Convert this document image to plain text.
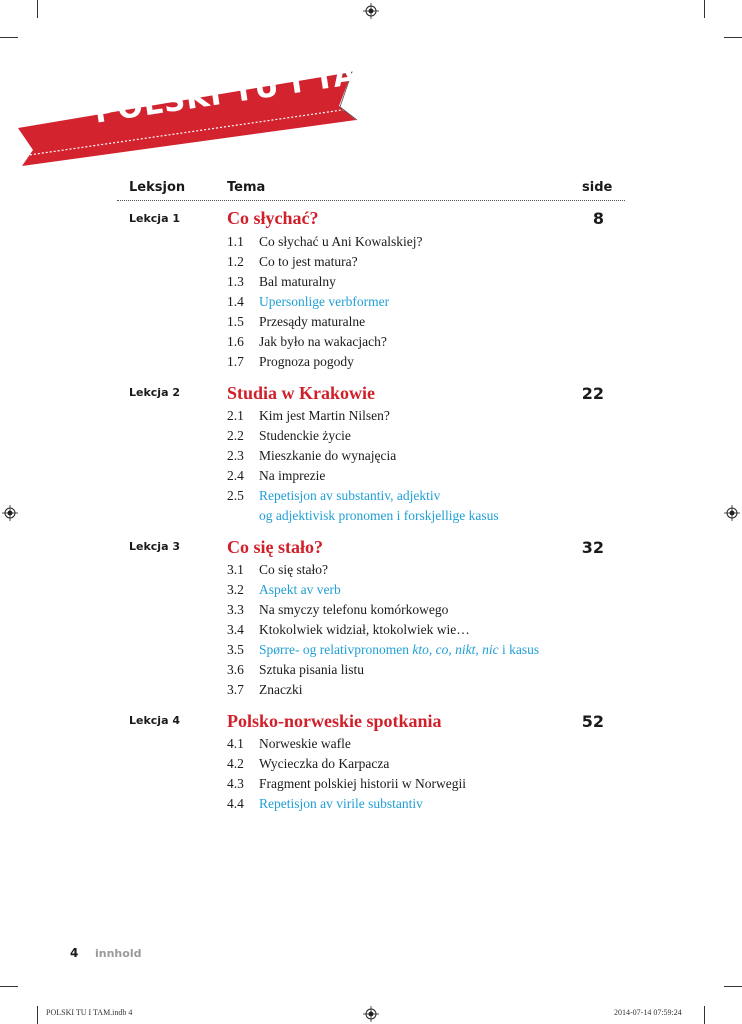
POLSKI TU I TAM
Leksjon	Tema	side
Lekcja 1	Co słychać?	8
1.1 Co słychać u Ani Kowalskiej?
1.2 Co to jest matura?
1.3 Bal maturalny
1.4 Upersonlige verbformer
1.5 Przesądy maturalne
1.6 Jak było na wakacjach?
1.7 Prognoza pogody
Lekcja 2	Studia w Krakowie	22
2.1 Kim jest Martin Nilsen?
2.2 Studenckie życie
2.3 Mieszkanie do wynajęcia
2.4 Na imprezie
2.5 Repetisjon av substantiv, adjektiv
og adjektivisk pronomen i forskjellige kasus
Lekcja 3	Co się stało?	32
3.1 Co się stało?
3.2 Aspekt av verb
3.3 Na smyczy telefonu komórkowego
3.4 Ktokolwiek widział, ktokolwiek wie…
3.5 Spørre- og relativpronomen kto, co, nikt, nic i kasus
3.6 Sztuka pisania listu
3.7 Znaczki
Lekcja 4	Polsko-norweskie spotkania	52
4.1 Norweskie wafle
4.2 Wycieczka do Karpacza
4.3 Fragment polskiej historii w Norwegii
4.4 Repetisjon av virile substantiv
4 innhold
POLSKI TU I TAM.indb 4	2014-07-14 07:59:24
